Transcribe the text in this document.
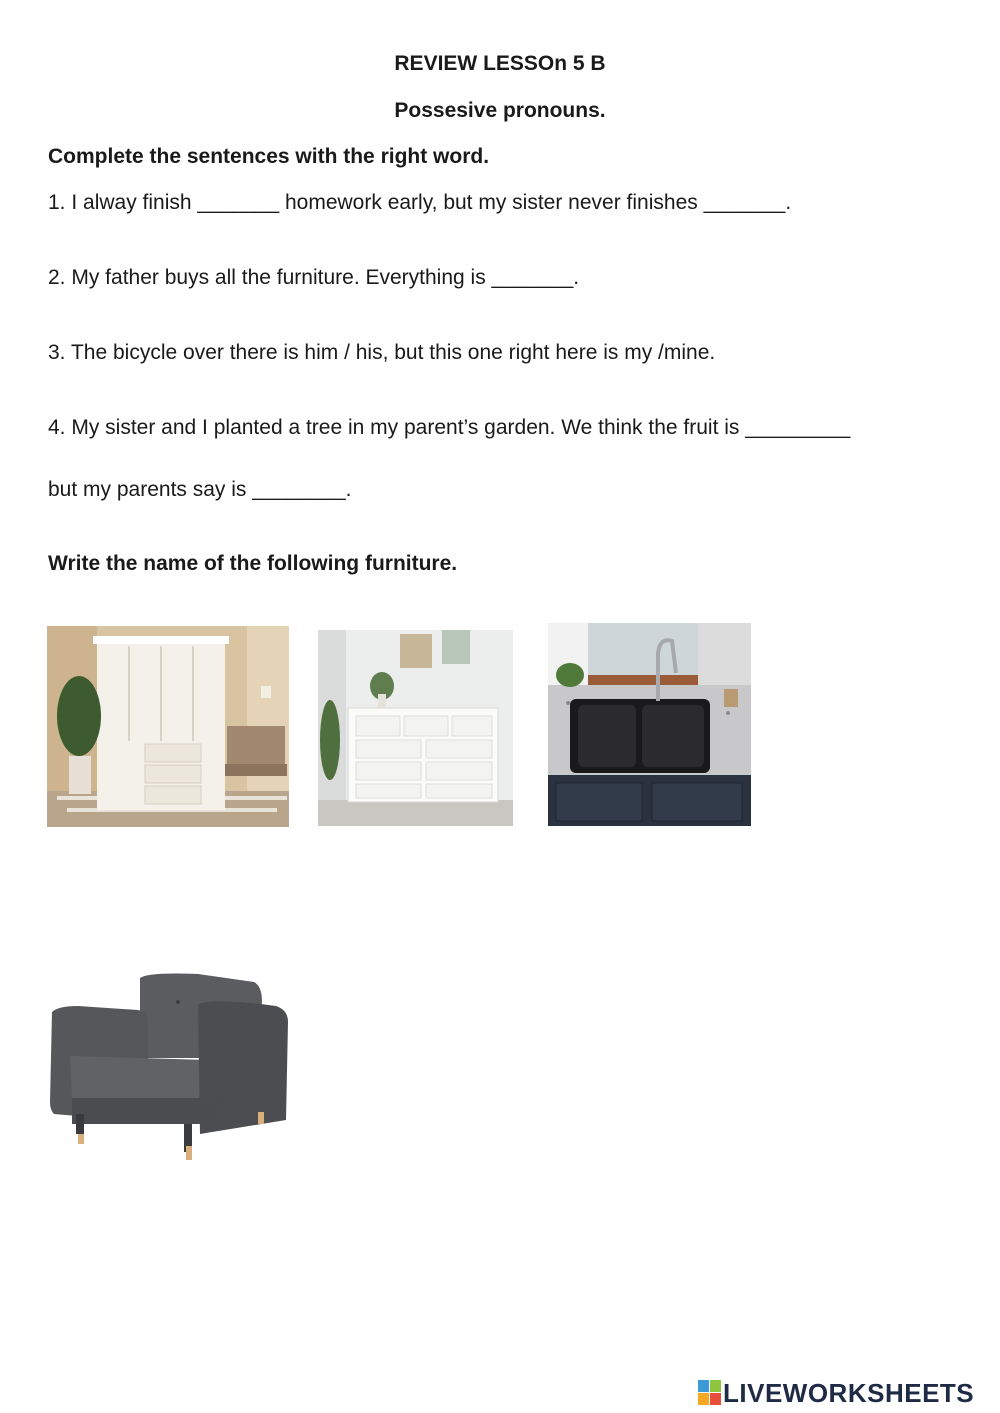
REVIEW LESSOn 5 B
Possesive pronouns.
Complete the sentences with the right word.
1. I alway finish _______ homework early, but my sister never finishes _______.
2. My father buys all the furniture. Everything is _______.
3. The bicycle over there is him / his, but this one right here is my /mine.
4. My sister and I planted a tree in my parent’s garden. We think the fruit is _________
but my parents say is ________.
Write the name of the following furniture.
LIVEWORKSHEETS
